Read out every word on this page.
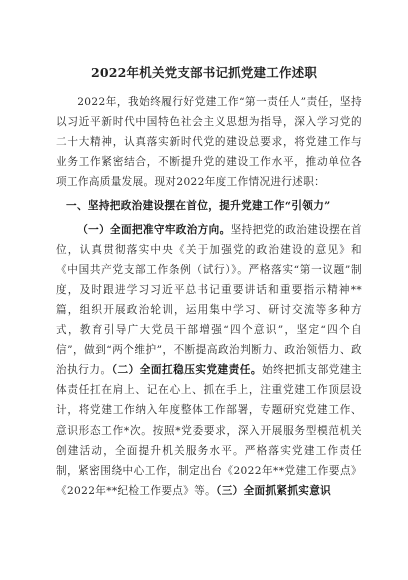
2022年机关党支部书记抓党建工作述职

2022年，我始终履行好党建工作“第一责任人”责任，坚持以习近平新时代中国特色社会主义思想为指导，深入学习党的二十大精神，认真落实新时代党的建设总要求，将党建工作与业务工作紧密结合，不断提升党的建设工作水平，推动单位各项工作高质量发展。现对2022年度工作情况进行述职：

一、坚持把政治建设摆在首位，提升党建工作“引领力”

（一）全面把准守牢政治方向。坚持把党的政治建设摆在首位，认真贯彻落实中央《关于加强党的政治建设的意见》和《中国共产党支部工作条例（试行）》。严格落实“第一议题”制度，及时跟进学习习近平总书记重要讲话和重要指示精神**篇，组织开展政治轮训，运用集中学习、研讨交流等多种方式，教育引导广大党员干部增强“四个意识”，坚定“四个自信”，做到“两个维护”，不断提高政治判断力、政治领悟力、政治执行力。（二）全面扛稳压实党建责任。始终把抓支部党建主体责任扛在肩上、记在心上、抓在手上，注重党建工作顶层设计，将党建工作纳入年度整体工作部署，专题研究党建工作、意识形态工作*次。按照*党委要求，深入开展服务型模范机关创建活动，全面提升机关服务水平。严格落实党建工作责任制，紧密围绕中心工作，制定出台《2022年**党建工作要点》《2022年**纪检工作要点》等。（三）全面抓紧抓实意识
